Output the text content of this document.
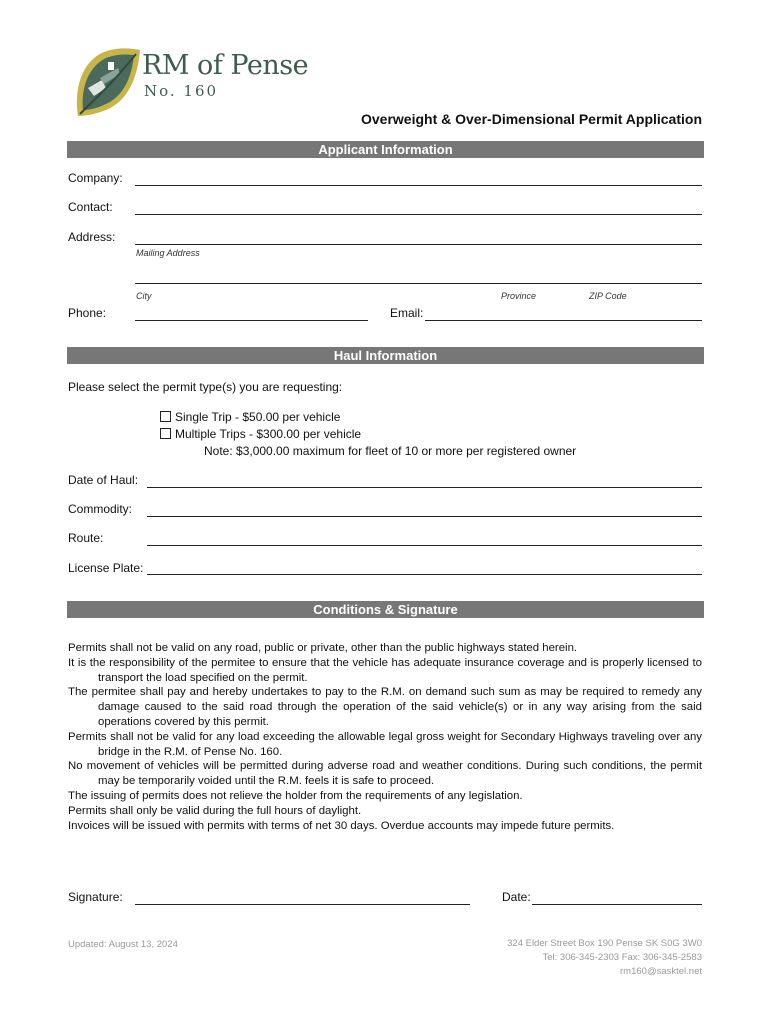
RM of Pense
No. 160
Overweight & Over-Dimensional Permit Application
Applicant Information
Company:
Contact:
Address:
Mailing Address
City	Province	ZIP Code
Phone:	Email:
Haul Information
Please select the permit type(s) you are requesting:
Single Trip - $50.00 per vehicle
Multiple Trips - $300.00 per vehicle
Note: $3,000.00 maximum for fleet of 10 or more per registered owner
Date of Haul:
Commodity:
Route:
License Plate:
Conditions & Signature

Permits shall not be valid on any road, public or private, other than the public highways stated herein.

It is the responsibility of the permitee to ensure that the vehicle has adequate insurance coverage and is properly licensed to transport the load specified on the permit.

The permitee shall pay and hereby undertakes to pay to the R.M. on demand such sum as may be required to remedy any damage caused to the said road through the operation of the said vehicle(s) or in any way arising from the said operations covered by this permit.

Permits shall not be valid for any load exceeding the allowable legal gross weight for Secondary Highways traveling over any bridge in the R.M. of Pense No. 160.

No movement of vehicles will be permitted during adverse road and weather conditions. During such conditions, the permit may be temporarily voided until the R.M. feels it is safe to proceed.

The issuing of permits does not relieve the holder from the requirements of any legislation.

Permits shall only be valid during the full hours of daylight.

Invoices will be issued with permits with terms of net 30 days. Overdue accounts may impede future permits.

Signature:	Date:
Updated: August 13, 2024	324 Elder Street Box 190 Pense SK S0G 3W0
Tel: 306-345-2303 Fax: 306-345-2583
rm160@sasktel.net
